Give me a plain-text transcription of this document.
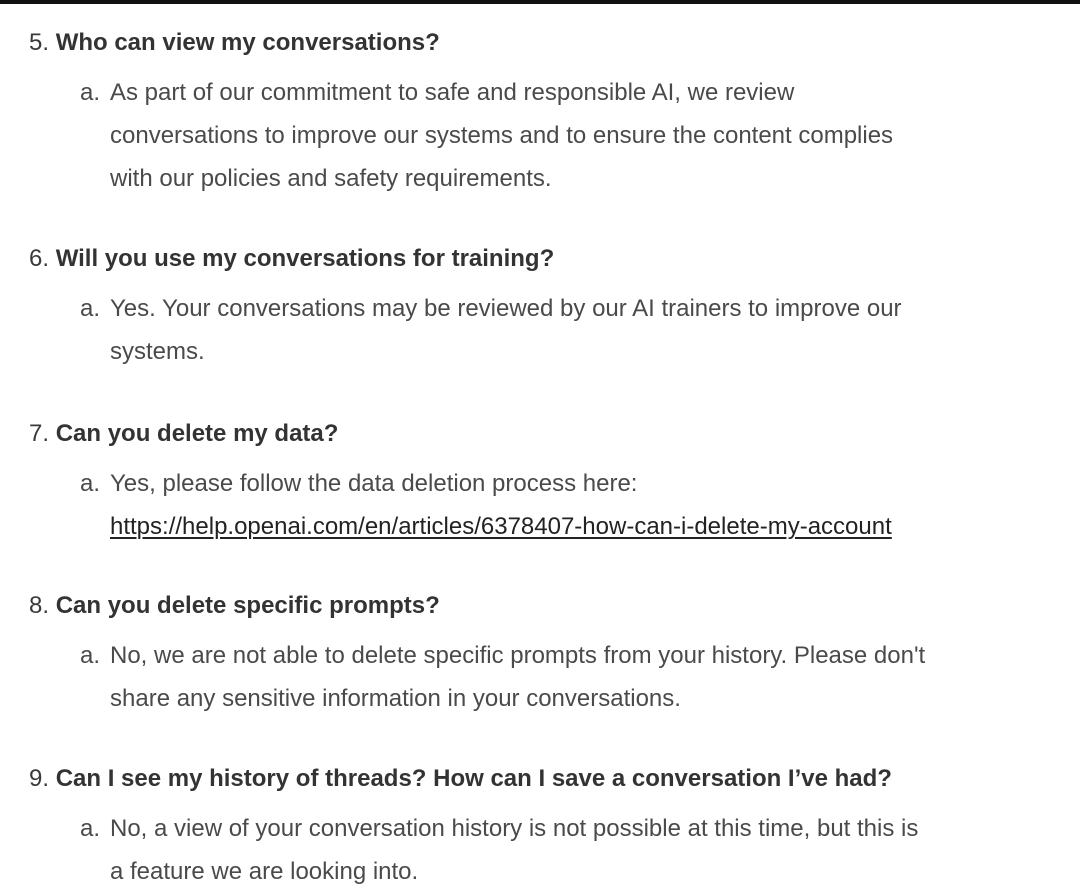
5. Who can view my conversations?
a. As part of our commitment to safe and responsible AI, we review
conversations to improve our systems and to ensure the content complies
with our policies and safety requirements.
6. Will you use my conversations for training?
a. Yes. Your conversations may be reviewed by our AI trainers to improve our
systems.
7. Can you delete my data?
a. Yes, please follow the data deletion process here:
https://help.openai.com/en/articles/6378407-how-can-i-delete-my-account
8. Can you delete specific prompts?
a. No, we are not able to delete specific prompts from your history. Please don't
share any sensitive information in your conversations.
9. Can I see my history of threads? How can I save a conversation I’ve had?
a. No, a view of your conversation history is not possible at this time, but this is
a feature we are looking into.
